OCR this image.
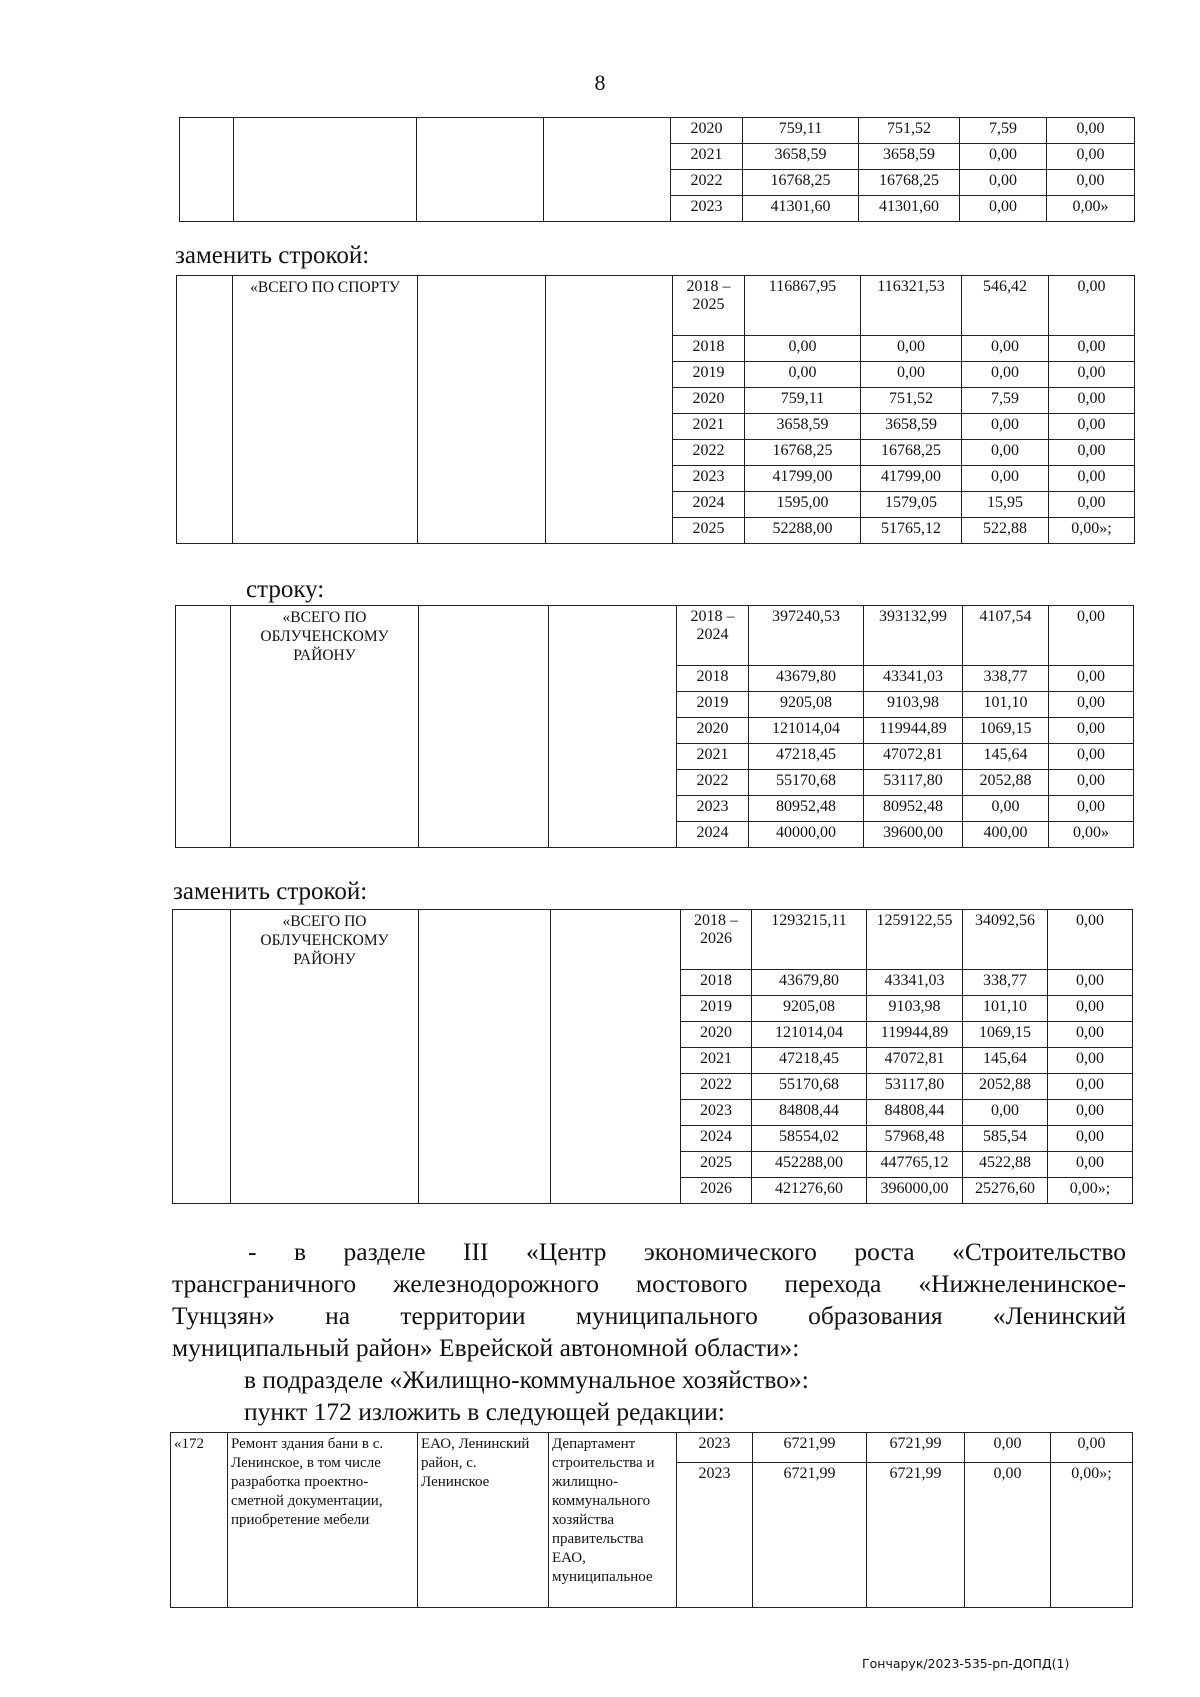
8
				2020	759,11	751,52	7,59	0,00
				2021	3658,59	3658,59	0,00	0,00
				2022	16768,25	16768,25	0,00	0,00
				2023	41301,60	41301,60	0,00	0,00»
заменить строкой:
	«ВСЕГО ПО СПОРТУ			2018 – 2025	116867,95	116321,53	546,42	0,00
				2018	0,00	0,00	0,00	0,00
				2019	0,00	0,00	0,00	0,00
				2020	759,11	751,52	7,59	0,00
				2021	3658,59	3658,59	0,00	0,00
				2022	16768,25	16768,25	0,00	0,00
				2023	41799,00	41799,00	0,00	0,00
				2024	1595,00	1579,05	15,95	0,00
				2025	52288,00	51765,12	522,88	0,00»;
строку:
	«ВСЕГО ПО ОБЛУЧЕНСКОМУ РАЙОНУ			2018 – 2024	397240,53	393132,99	4107,54	0,00
				2018	43679,80	43341,03	338,77	0,00
				2019	9205,08	9103,98	101,10	0,00
				2020	121014,04	119944,89	1069,15	0,00
				2021	47218,45	47072,81	145,64	0,00
				2022	55170,68	53117,80	2052,88	0,00
				2023	80952,48	80952,48	0,00	0,00
				2024	40000,00	39600,00	400,00	0,00»
заменить строкой:
	«ВСЕГО ПО ОБЛУЧЕНСКОМУ РАЙОНУ			2018 – 2026	1293215,11	1259122,55	34092,56	0,00
				2018	43679,80	43341,03	338,77	0,00
				2019	9205,08	9103,98	101,10	0,00
				2020	121014,04	119944,89	1069,15	0,00
				2021	47218,45	47072,81	145,64	0,00
				2022	55170,68	53117,80	2052,88	0,00
				2023	84808,44	84808,44	0,00	0,00
				2024	58554,02	57968,48	585,54	0,00
				2025	452288,00	447765,12	4522,88	0,00
				2026	421276,60	396000,00	25276,60	0,00»;
- в разделе III «Центр экономического роста «Строительство
трансграничного железнодорожного мостового перехода «Нижнеленинское-
Тунцзян» на территории муниципального образования «Ленинский
муниципальный район» Еврейской автономной области»:
в подразделе «Жилищно-коммунальное хозяйство»:
пункт 172 изложить в следующей редакции:
«172	Ремонт здания бани в с. Ленинское, в том числе разработка проектно-сметной документации, приобретение мебели	ЕАО, Ленинский район, с. Ленинское	Департамент строительства и жилищно-коммунального хозяйства правительства ЕАО, муниципальное	2023	6721,99	6721,99	0,00	0,00
				2023	6721,99	6721,99	0,00	0,00»;
Гончарук/2023-535-рп-ДОПД(1)
